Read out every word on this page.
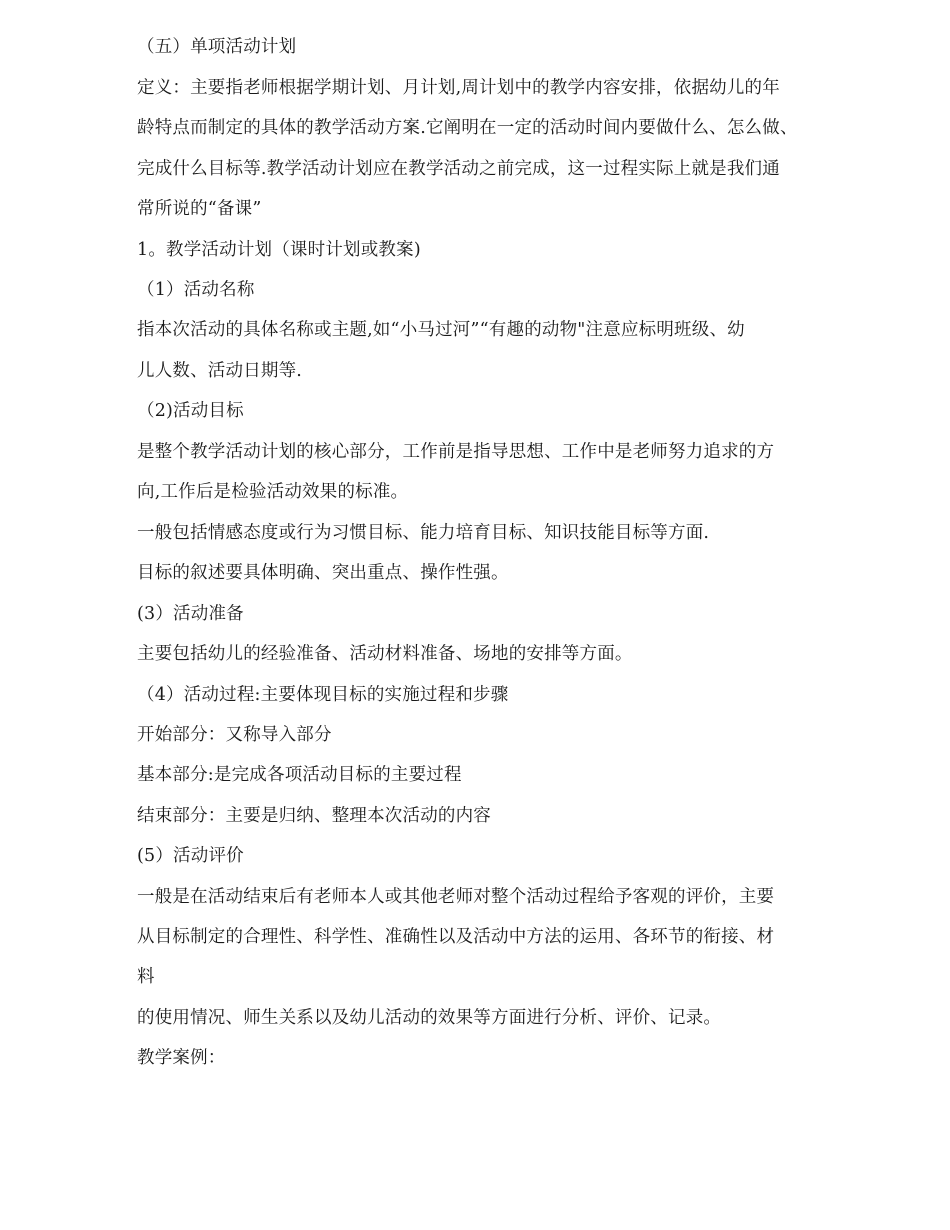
（五）单项活动计划
定义：主要指老师根据学期计划、月计划,周计划中的教学内容安排，依据幼儿的年
龄特点而制定的具体的教学活动方案.它阐明在一定的活动时间内要做什么、怎么做、
完成什么目标等.教学活动计划应在教学活动之前完成，这一过程实际上就是我们通
常所说的“备课”
1。教学活动计划（课时计划或教案)
（1）活动名称
指本次活动的具体名称或主题,如“小马过河”“有趣的动物"注意应标明班级、幼
儿人数、活动日期等.
（2)活动目标
是整个教学活动计划的核心部分，工作前是指导思想、工作中是老师努力追求的方
向,工作后是检验活动效果的标准。
一般包括情感态度或行为习惯目标、能力培育目标、知识技能目标等方面.
目标的叙述要具体明确、突出重点、操作性强。
(3）活动准备
主要包括幼儿的经验准备、活动材料准备、场地的安排等方面。
（4）活动过程:主要体现目标的实施过程和步骤
开始部分：又称导入部分
基本部分:是完成各项活动目标的主要过程
结束部分：主要是归纳、整理本次活动的内容
(5）活动评价
一般是在活动结束后有老师本人或其他老师对整个活动过程给予客观的评价，主要
从目标制定的合理性、科学性、准确性以及活动中方法的运用、各环节的衔接、材
料
的使用情况、师生关系以及幼儿活动的效果等方面进行分析、评价、记录。
教学案例：
